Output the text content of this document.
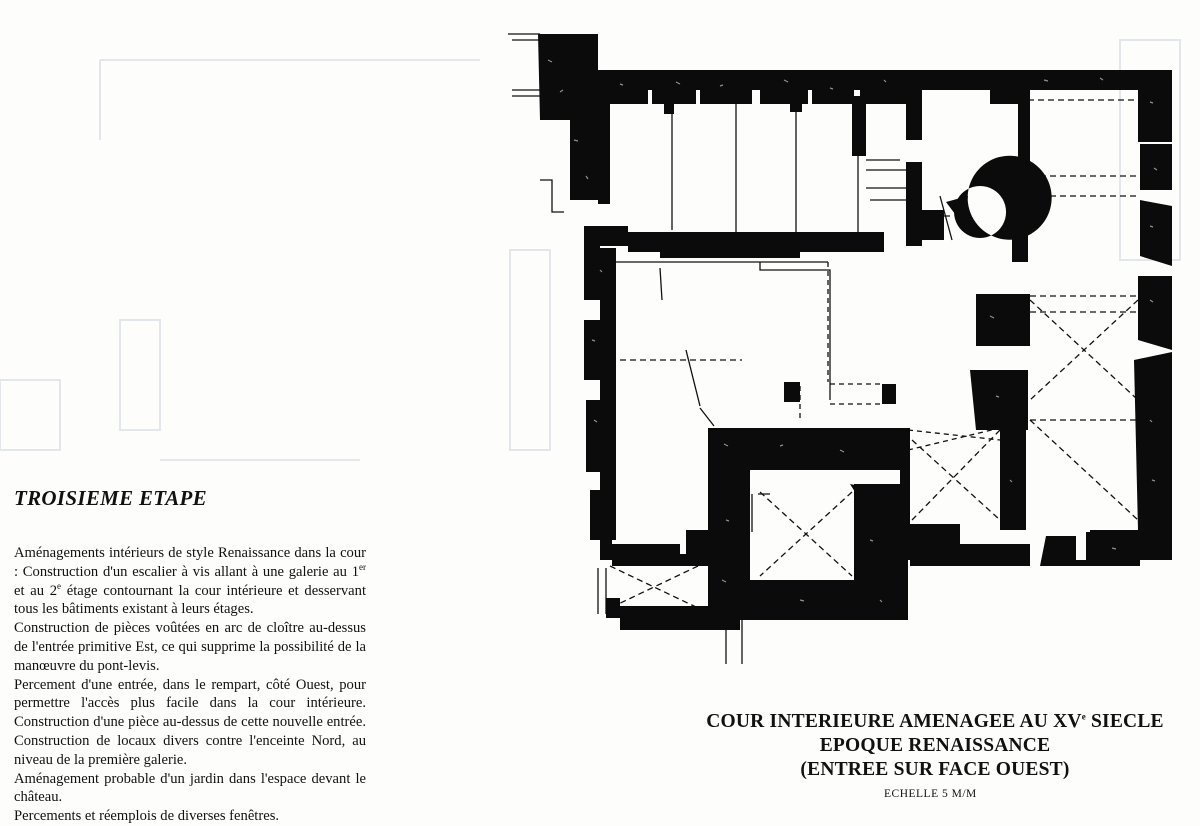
TROISIEME ETAPE

Aménagements intérieurs de style Renaissance dans la cour : Construction d'un escalier à vis allant à une galerie au 1er et au 2e étage contournant la cour intérieure et desservant tous les bâtiments existant à leurs étages.

Construction de pièces voûtées en arc de cloître au-dessus de l'entrée primitive Est, ce qui supprime la possibilité de la manœuvre du pont-levis.

Percement d'une entrée, dans le rempart, côté Ouest, pour permettre l'accès plus facile dans la cour intérieure. Construction d'une pièce au-dessus de cette nouvelle entrée. Construction de locaux divers contre l'enceinte Nord, au niveau de la première galerie.

Aménagement probable d'un jardin dans l'espace devant le château.

Percements et réemplois de diverses fenêtres.

COUR INTERIEURE AMENAGEE AU XVe SIECLE
EPOQUE RENAISSANCE
(ENTREE SUR FACE OUEST)
ECHELLE 5 M/M
